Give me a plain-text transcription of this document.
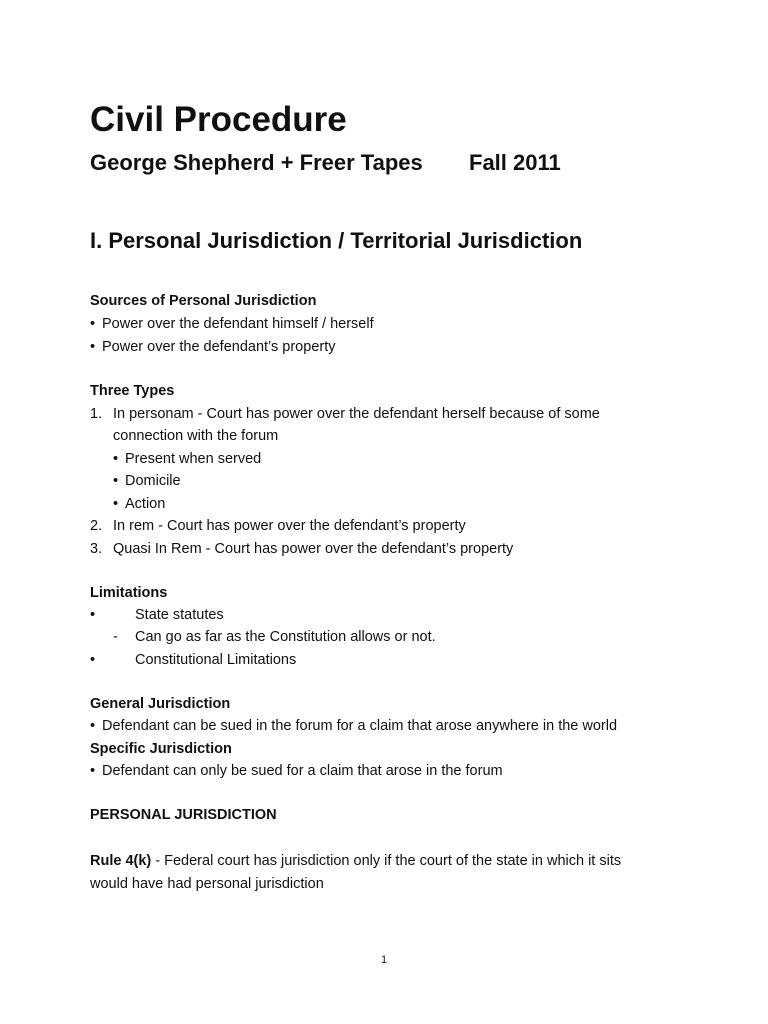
Civil Procedure
George Shepherd + Freer Tapes Fall 2011
I. Personal Jurisdiction / Territorial Jurisdiction
Sources of Personal Jurisdiction
• Power over the defendant himself / herself
• Power over the defendant’s property
Three Types
1. In personam - Court has power over the defendant herself because of some
connection with the forum
• Present when served
• Domicile
• Action
2. In rem - Court has power over the defendant’s property
3. Quasi In Rem - Court has power over the defendant’s property
Limitations
•	State statutes
- Can go as far as the Constitution allows or not.
•	Constitutional Limitations
General Jurisdiction
• Defendant can be sued in the forum for a claim that arose anywhere in the world
Specific Jurisdiction
• Defendant can only be sued for a claim that arose in the forum
PERSONAL JURISDICTION
Rule 4(k) - Federal court has jurisdiction only if the court of the state in which it sits
would have had personal jurisdiction
1
